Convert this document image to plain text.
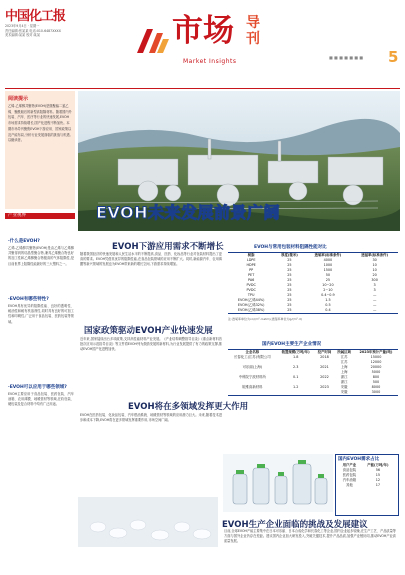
中国化工报
2023年9月4日 · 星期一
责任编辑:张某某 电话:010-6487XXXX
美术编辑:某某 校对:某某	市场 导刊
Market Insights
■ ■ ■ ■ ■ ■ ■ 5
阅读提示
乙烯-乙烯醇共聚物(EVOH)是继聚偏二氯乙烯、聚酰胺后的新型高阻隔材料。随着国内外包装、汽车、医疗等行业的快速发展,EVOH市场需求持续增长,国产化进程不断加快。本期市场导刊聚焦EVOH下游应用、国家政策以及产能布局,分析行业发展面临的挑战与机遇,以飨读者。
EVOH未来发展前景广阔
产业视界
·什么是EVOH?
乙烯-乙烯醇共聚物(EVOH)是由乙烯与乙烯醇共聚得到的结晶型聚合物,兼具乙烯聚合物良好的加工性和乙烯醇聚合物极高的气体阻隔性,是目前世界上阻隔性能最好的三大塑料之一。
·EVOH有哪些特性?
EVOH具有优异的阻隔性能、良好的透明性、耐油性和耐有机溶剂性,同时具有良好的可加工性和印刷性,广泛用于食品包装、医药包装等领域。
·EVOH可以应用于哪些领域?
EVOH主要应用于食品包装、医药包装、汽车油箱、农用薄膜、地暖管材等领域,在软包装、硬包装及复合材料中均有广泛用途。
EVOH下游应用需求不断增长
随着我国经济的快速发展和人民生活水平的不断提高,食品、医药、化妆品等行业对包装材料提出了更高的要求。EVOH凭借其优异的阻隔性能,在食品包装领域的应用不断扩大。同时,新能源汽车、农用薄膜等新兴领域的发展也为EVOH带来新的增长空间,下游需求持续增加。
国家政策驱动EVOH产业快速发展
近年来,国家陆续出台多项政策,支持高性能材料产业发展。《产业结构调整指导目录》《重点新材料首批次应用示范指导目录》等文件将EVOH列为鼓励发展的新材料,为行业发展提供了有力的政策支撑,推动EVOH国产化进程加快。
EVOH将在多领域发挥更大作用
EVOH在医药包装、化妆品包装、汽车燃油系统、地暖管材等领域的应用潜力巨大。未来,随着技术进步和成本下降,EVOH将在更多领域发挥重要作用,市场空间广阔。
EVOH生产企业面临的挑战及发展建议
目前,全球EVOH产能主要集中在日本可乐丽、日本合成化学和长春化工等企业,国内企业起步较晚,在生产工艺、产品质量等方面与国外企业仍存在差距。建议国内企业加大研发投入,突破关键技术,提升产品品质,加强产业链协同,推动EVOH产业高质量发展。
EVOH与常用包装材料阻隔性能对比
树脂	厚度(微米)	透氧率(标准条件)	透湿率(标准条件)
LDPE	25	4000	30
HDPE	25	1000	10
PP	25	1500	10
PET	25	50	20
PA6	25	25	300
PVDC	25	10~20	3
PVDC	25	2~10	3
TPU	25	0.4~0.9	—
EVOH(乙烯44%)	25	1.5	—
EVOH(乙烯32%)	25	0.5	—
EVOH(乙烯38%)	25	0.4	—
注:透氧率单位为cc/(m²·d·atm);透湿率单位为g/(m²·d)
国内EVOH主要生产企业情况
企业名称	装置规模(万吨/年)	投产时间	所属区域	2023年预计产量(吨)
长春化工(江苏)有限公司	1.8	2018	江苏	15000
			江苏	12000
可乐丽(上海)	2.3	2021	上海	20000
			上海	5000
中科院宁波材料所	0.1	2022	浙江	800
			浙江	500
皖维高新材料	1.2	2023	安徽	8000
			安徽	3000
国内EVOH需求占比
用户产业	产能(万吨/年)
食品包装	56
医药包装	15
汽车油箱	12
其他	17
